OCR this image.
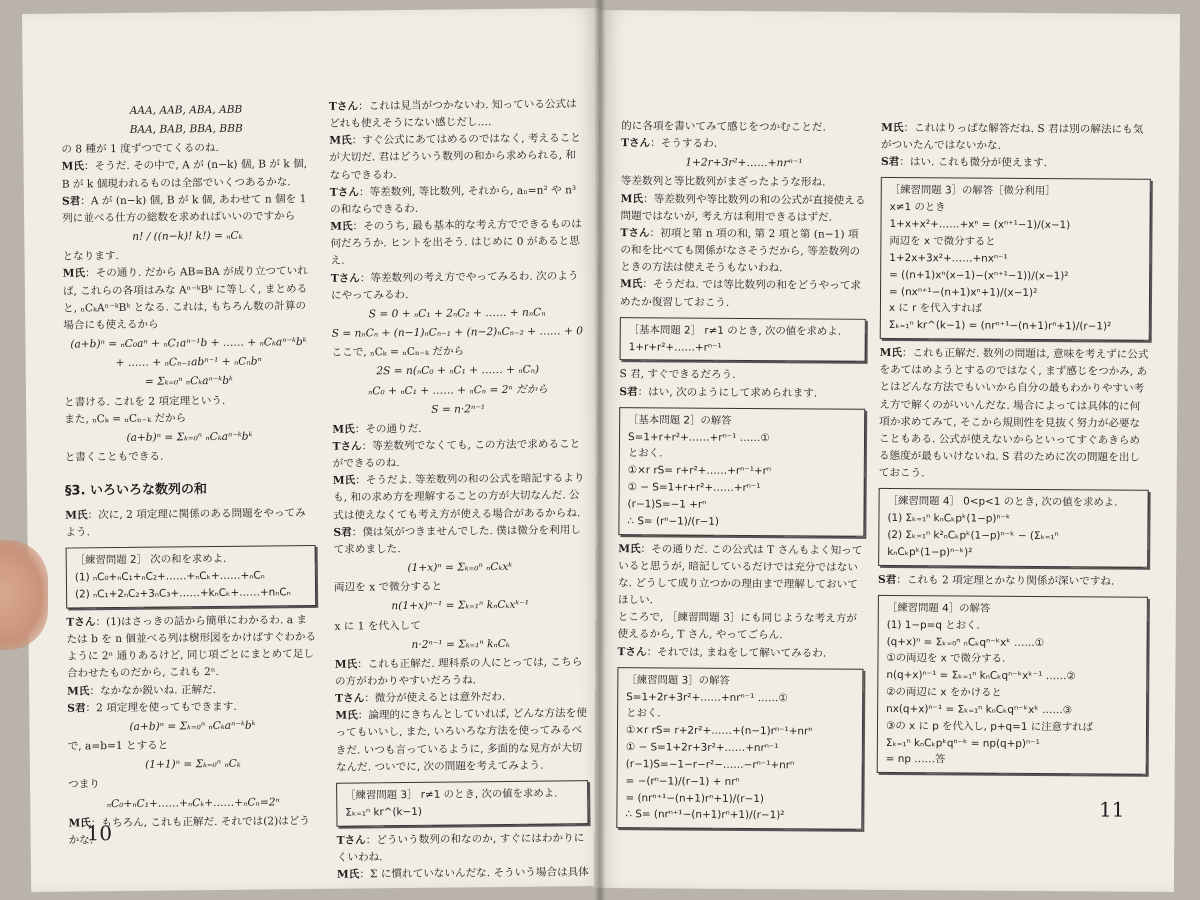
AAA, AAB, ABA, ABB
BAA, BAB, BBA, BBB

の 8 種が 1 度ずつでてくるのね.

M氏：そうだ. その中で, A が (n−k) 個, B が k 個, B が k 個現われるものは全部でいくつあるかな.

S君：A が (n−k) 個, B が k 個, あわせて n 個を 1 列に並べる仕方の総数を求めればいいのですから

n! / ((n−k)! k!) = ₙCₖ

となります.

M氏：その通り. だから AB=BA が成り立つていれば, これらの各項はみな Aⁿ⁻ᵏBᵏ に等しく, まとめると, ₙCₖAⁿ⁻ᵏBᵏ となる. これは, もちろん数の計算の場合にも使えるから

(a+b)ⁿ = ₙC₀aⁿ + ₙC₁aⁿ⁻¹b + …… + ₙCₖaⁿ⁻ᵏbᵏ
+ …… + ₙCₙ₋₁abⁿ⁻¹ + ₙCₙbⁿ
= Σₖ₌₀ⁿ ₙCₖaⁿ⁻ᵏbᵏ

と書ける. これを 2 項定理という.

また, ₙCₖ = ₙCₙ₋ₖ だから

(a+b)ⁿ = Σₖ₌₀ⁿ ₙCₖaⁿ⁻ᵏbᵏ

と書くこともできる.

§3. いろいろな数列の和

M氏：次に, 2 項定理に関係のある問題をやってみよう.

［練習問題 2］ 次の和を求めよ.
(1) ₙC₀+ₙC₁+ₙC₂+……+ₙCₖ+……+ₙCₙ
(2) ₙC₁+2ₙC₂+3ₙC₃+……+kₙCₖ+……+nₙCₙ

Tさん：(1)はさっきの話から簡単にわかるわ. a または b を n 個並べる列は樹形図をかけばすぐわかるように 2ⁿ 通りあるけど, 同じ項ごとにまとめて足し合わせたものだから, これも 2ⁿ.

M氏：なかなか鋭いね. 正解だ.

S君：2 項定理を使ってもできます.

(a+b)ⁿ = Σₖ₌₀ⁿ ₙCₖaⁿ⁻ᵏbᵏ

で, a=b=1 とすると

(1+1)ⁿ = Σₖ₌₀ⁿ ₙCₖ

つまり

ₙC₀+ₙC₁+……+ₙCₖ+……+ₙCₙ=2ⁿ

M氏：もちろん, これも正解だ. それでは(2)はどうかな.

Tさん：これは見当がつかないわ. 知っている公式はどれも使えそうにない感じだし….

M氏：すぐ公式にあてはめるのではなく, 考えることが大切だ. 君はどういう数列の和から求められる, 和ならできるわ.

Tさん：等差数列, 等比数列, それから, aₙ=n² や n³ の和ならできるわ.

M氏：そのうち, 最も基本的な考え方でできるものは何だろうか. ヒントを出そう. はじめに 0 があると思え.

Tさん：等差数列の考え方でやってみるわ. 次のようにやってみるわ.

S = 0 + ₙC₁ + 2ₙC₂ + …… + nₙCₙ
S = nₙCₙ + (n−1)ₙCₙ₋₁ + (n−2)ₙCₙ₋₂ + …… + 0

ここで, ₙCₖ = ₙCₙ₋ₖ だから

2S = n(ₙC₀ + ₙC₁ + …… + ₙCₙ)
ₙC₀ + ₙC₁ + …… + ₙCₙ = 2ⁿ だから
S = n·2ⁿ⁻¹

M氏：その通りだ.

Tさん：等差数列でなくても, この方法で求めることができるのね.

M氏：そうだよ. 等差数列の和の公式を暗記するよりも, 和の求め方を理解することの方が大切なんだ. 公式は使えなくても考え方が使える場合があるからね.

S君：僕は気がつきませんでした. 僕は微分を利用して求めました.

(1+x)ⁿ = Σₖ₌₀ⁿ ₙCₖxᵏ

両辺を x で微分すると

n(1+x)ⁿ⁻¹ = Σₖ₌₁ⁿ kₙCₖxᵏ⁻¹

x に 1 を代入して

n·2ⁿ⁻¹ = Σₖ₌₁ⁿ kₙCₖ

M氏：これも正解だ. 理科系の人にとっては, こちらの方がわかりやすいだろうね.

Tさん：微分が使えるとは意外だわ.

M氏：論理的にきちんとしていれば, どんな方法を使ってもいいし, また, いろいろな方法を使ってみるべきだ. いつも言っているように, 多面的な見方が大切なんだ. ついでに, 次の問題を考えてみよう.

［練習問題 3］ r≠1 のとき, 次の値を求めよ.
Σₖ₌₁ⁿ kr^(k−1)

Tさん：どういう数列の和なのか, すぐにはわかりにくいわね.

M氏：Σ に慣れていないんだな. そういう場合は具体

10

的に各項を書いてみて感じをつかむことだ.

Tさん：そうするわ.

1+2r+3r²+……+nrⁿ⁻¹

等差数列と等比数列がまざったような形ね.

M氏：等差数列や等比数列の和の公式が直接使える問題ではないが, 考え方は利用できるはずだ.

Tさん：初項と第 n 項の和, 第 2 項と第 (n−1) 項の和を比べても関係がなさそうだから, 等差数列のときの方法は使えそうもないわね.

M氏：そうだね. では等比数列の和をどうやって求めたか復習しておこう.

［基本問題 2］ r≠1 のとき, 次の値を求めよ.
1+r+r²+……+rⁿ⁻¹

S 君, すぐできるだろう.

S君：はい, 次のようにして求められます.

［基本問題 2］の解答
S=1+r+r²+……+rⁿ⁻¹ ……①
とおく.
①×r rS= r+r²+……+rⁿ⁻¹+rⁿ
① − S=1+r+r²+……+rⁿ⁻¹
(r−1)S=−1 +rⁿ
∴ S= (rⁿ−1)/(r−1)

M氏：その通りだ. この公式は T さんもよく知っていると思うが, 暗記しているだけでは充分ではないな. どうして成り立つかの理由まで理解しておいてほしい.

ところで, ［練習問題 3］にも同じような考え方が使えるから, T さん, やってごらん.

Tさん：それでは, まねをして解いてみるわ.

［練習問題 3］の解答
S=1+2r+3r²+……+nrⁿ⁻¹ ……①
とおく.
①×r rS= r+2r²+……+(n−1)rⁿ⁻¹+nrⁿ
① − S=1+2r+3r²+……+nrⁿ⁻¹
(r−1)S=−1−r−r²−……−rⁿ⁻¹+nrⁿ
= −(rⁿ−1)/(r−1) + nrⁿ
= (nrⁿ⁺¹−(n+1)rⁿ+1)/(r−1)
∴ S= (nrⁿ⁺¹−(n+1)rⁿ+1)/(r−1)²

M氏：これはりっぱな解答だね. S 君は別の解法にも気がついたんではないかな.

S君：はい. これも微分が使えます.

［練習問題 3］の解答［微分利用］
x≠1 のとき
1+x+x²+……+xⁿ = (xⁿ⁺¹−1)/(x−1)
両辺を x で微分すると
1+2x+3x²+……+nxⁿ⁻¹
= ((n+1)xⁿ(x−1)−(xⁿ⁺¹−1))/(x−1)²
= (nxⁿ⁺¹−(n+1)xⁿ+1)/(x−1)²
x に r を代入すれば
Σₖ₌₁ⁿ kr^(k−1) = (nrⁿ⁺¹−(n+1)rⁿ+1)/(r−1)²

M氏：これも正解だ. 数列の問題は, 意味を考えずに公式をあてはめようとするのではなく, まず感じをつかみ, あとはどんな方法でもいいから自分の最もわかりやすい考え方で解くのがいいんだな. 場合によっては具体的に何項か求めてみて, そこから規則性を見抜く努力が必要なこともある. 公式が使えないからといってすぐあきらめる態度が最もいけないね. S 君のために次の問題を出しておこう.

［練習問題 4］ 0<p<1 のとき, 次の値を求めよ.
(1) Σₖ₌₁ⁿ kₙCₖpᵏ(1−p)ⁿ⁻ᵏ
(2) Σₖ₌₁ⁿ k²ₙCₖpᵏ(1−p)ⁿ⁻ᵏ − (Σₖ₌₁ⁿ kₙCₖpᵏ(1−p)ⁿ⁻ᵏ)²

S君：これも 2 項定理とかなり関係が深いですね.

［練習問題 4］の解答
(1) 1−p=q とおく.
(q+x)ⁿ = Σₖ₌₀ⁿ ₙCₖqⁿ⁻ᵏxᵏ ……①
①の両辺を x で微分する.
n(q+x)ⁿ⁻¹ = Σₖ₌₁ⁿ kₙCₖqⁿ⁻ᵏxᵏ⁻¹ ……②
②の両辺に x をかけると
nx(q+x)ⁿ⁻¹ = Σₖ₌₁ⁿ kₙCₖqⁿ⁻ᵏxᵏ ……③
③の x に p を代入し, p+q=1 に注意すれば
Σₖ₌₁ⁿ kₙCₖpᵏqⁿ⁻ᵏ = np(q+p)ⁿ⁻¹
= np ……答
11
